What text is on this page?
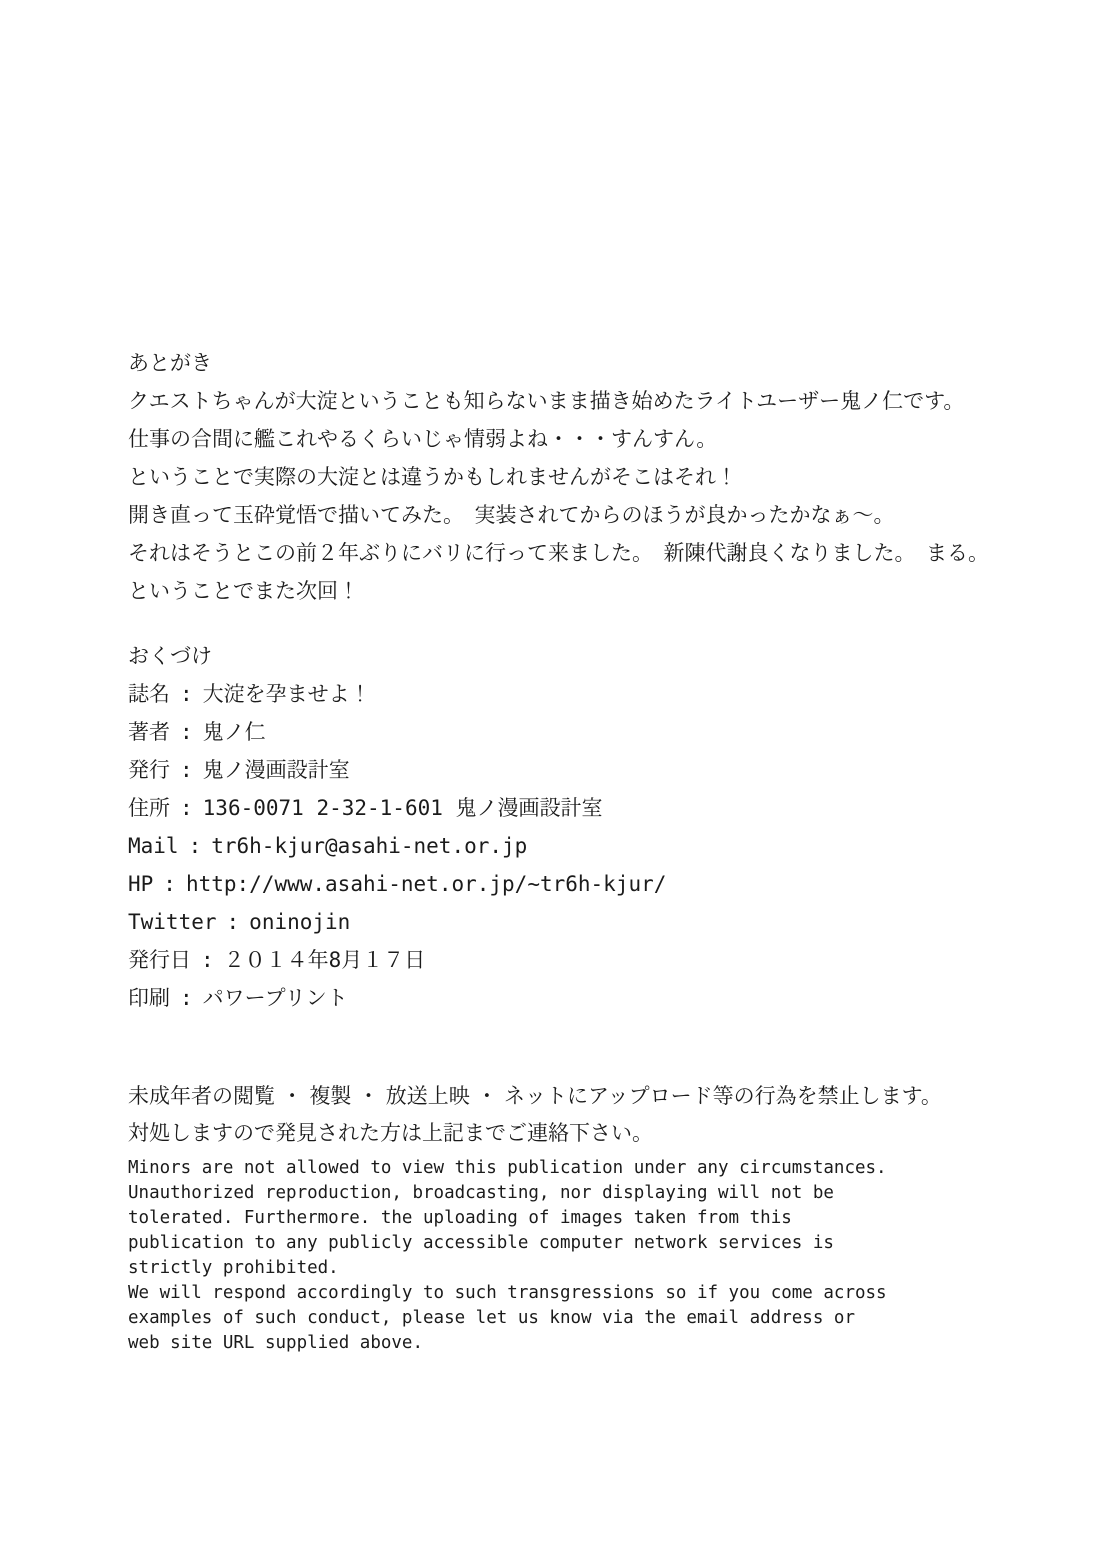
あとがき
クエストちゃんが大淀ということも知らないまま描き始めたライトユーザー鬼ノ仁です。
仕事の合間に艦これやるくらいじゃ情弱よね・・・すんすん。
ということで実際の大淀とは違うかもしれませんがそこはそれ！
開き直って玉砕覚悟で描いてみた。　実装されてからのほうが良かったかなぁ～。
それはそうとこの前２年ぶりにバリに行って来ました。　新陳代謝良くなりました。　まる。
ということでまた次回！
おくづけ
誌名 : 大淀を孕ませよ！
著者 : 鬼ノ仁
発行 : 鬼ノ漫画設計室
住所 : 136-0071 2-32-1-601 鬼ノ漫画設計室
Mail : tr6h-kjur@asahi-net.or.jp
HP : http://www.asahi-net.or.jp/~tr6h-kjur/
Twitter : oninojin
発行日 : ２０１４年8月１７日
印刷 : パワープリント
未成年者の閲覧 ・ 複製 ・ 放送上映 ・ ネットにアップロード等の行為を禁止します。
対処しますので発見された方は上記までご連絡下さい。
Minors are not allowed to view this publication under any circumstances.
Unauthorized reproduction, broadcasting, nor displaying will not be
tolerated. Furthermore. the uploading of images taken from this
publication to any publicly accessible computer network services is
strictly prohibited.
We will respond accordingly to such transgressions so if you come across
examples of such conduct, please let us know via the email address or
web site URL supplied above.
